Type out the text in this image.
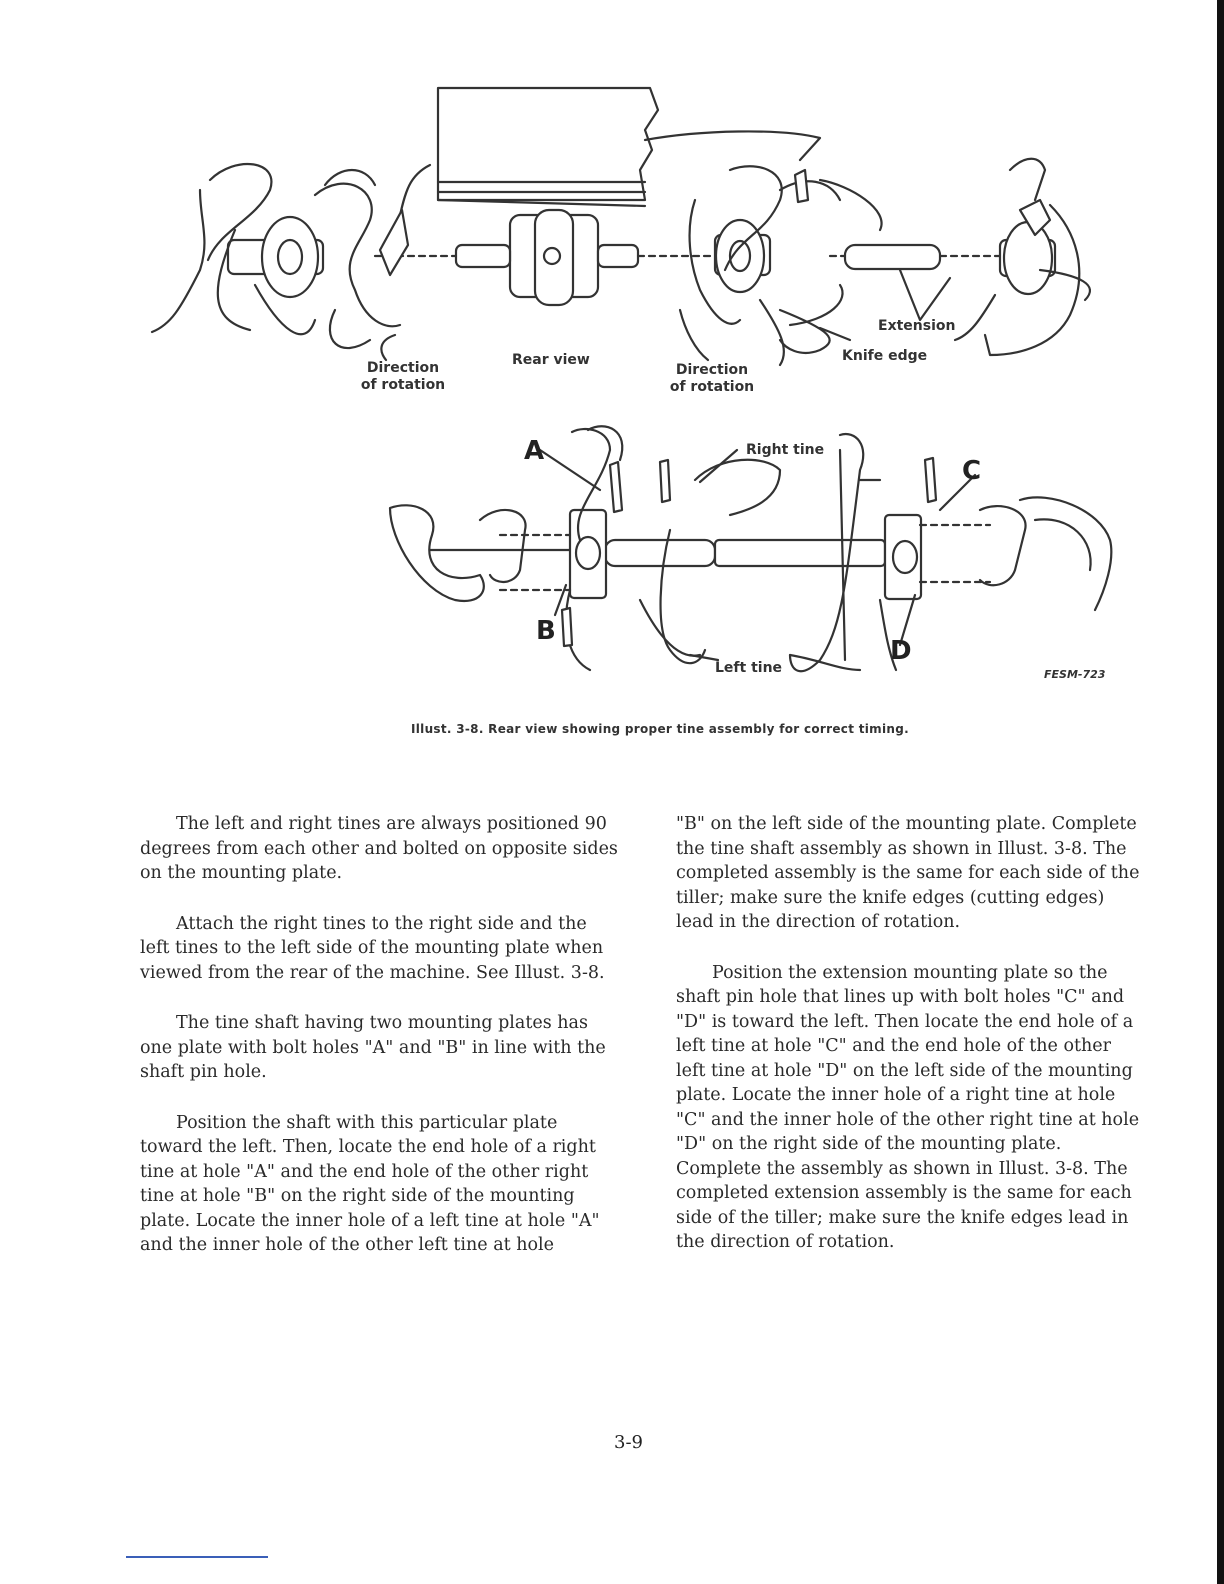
Direction
of rotation
Rear view
Direction
of rotation
Extension
Knife edge
Right tine
Left tine
A
B
C
D
FESM-723
Illust. 3-8. Rear view showing proper tine assembly for correct timing.

The left and right tines are always positioned 90 degrees from each other and bolted on opposite sides on the mounting plate.

Attach the right tines to the right side and the left tines to the left side of the mounting plate when viewed from the rear of the machine. See Illust. 3-8.

The tine shaft having two mounting plates has one plate with bolt holes "A" and "B" in line with the shaft pin hole.

Position the shaft with this particular plate toward the left. Then, locate the end hole of a right tine at hole "A" and the end hole of the other right tine at hole "B" on the right side of the mounting plate. Locate the inner hole of a left tine at hole "A" and the inner hole of the other left tine at hole

"B" on the left side of the mounting plate. Complete the tine shaft assembly as shown in Illust. 3-8. The completed assembly is the same for each side of the tiller; make sure the knife edges (cutting edges) lead in the direction of rotation.

Position the extension mounting plate so the shaft pin hole that lines up with bolt holes "C" and "D" is toward the left. Then locate the end hole of a left tine at hole "C" and the end hole of the other left tine at hole "D" on the left side of the mounting plate. Locate the inner hole of a right tine at hole "C" and the inner hole of the other right tine at hole "D" on the right side of the mounting plate. Complete the assembly as shown in Illust. 3-8. The completed extension assembly is the same for each side of the tiller; make sure the knife edges lead in the direction of rotation.

3-9
